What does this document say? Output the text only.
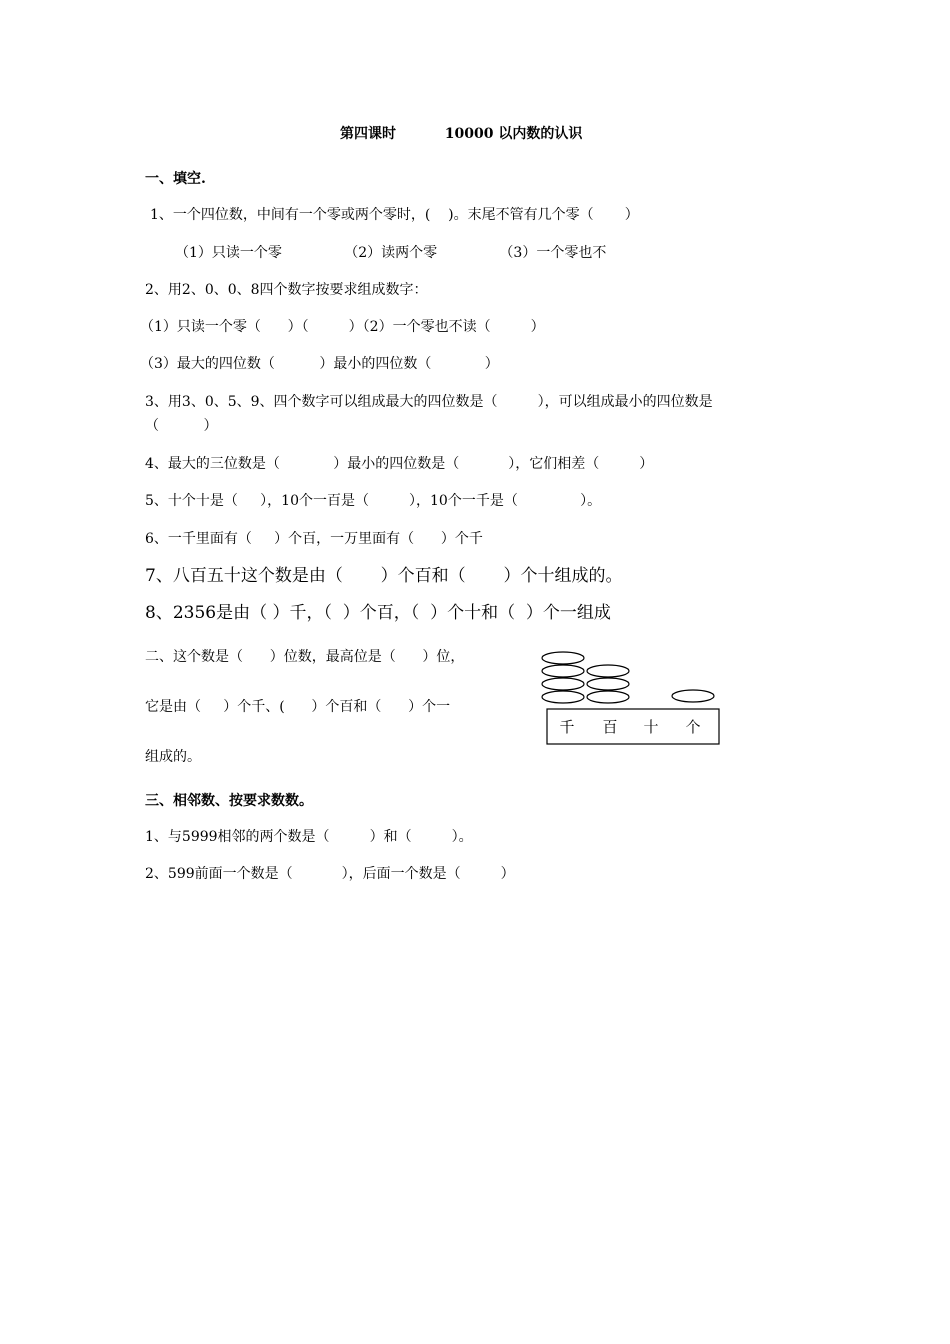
第四课时          10000 以内数的认识
一、填空.
1、一个四位数，中间有一个零或两个零时，(    )。末尾不管有几个零（       ）
（1）只读一个零              （2）读两个零              （3）一个零也不
2、用2、0、0、8四个数字按要求组成数字：
（1）只读一个零（      ）（         ）（2）一个零也不读（         ）
（3）最大的四位数（          ）最小的四位数（            ）
3、用3、0、5、9、四个数字可以组成最大的四位数是（         ），可以组成最小的四位数是
（          ）
4、最大的三位数是（            ）最小的四位数是（           ），它们相差（         ）
5、十个十是（     ），10个一百是（         ），10个一千是（              ）。
6、一千里面有（     ）个百，一万里面有（      ）个千
7、八百五十这个数是由（       ）个百和（       ）个十组成的。
8、2356是由（ ）千，（  ）个百，（  ）个十和（  ）个一组成
二、这个数是（      ）位数，最高位是（      ）位，
它是由（     ）个千、(      ）个百和（      ）个一
组成的。
千 百 十 个
三、相邻数、按要求数数。
1、与5999相邻的两个数是（         ）和（         ）。
2、599前面一个数是（           ），后面一个数是（         ）
